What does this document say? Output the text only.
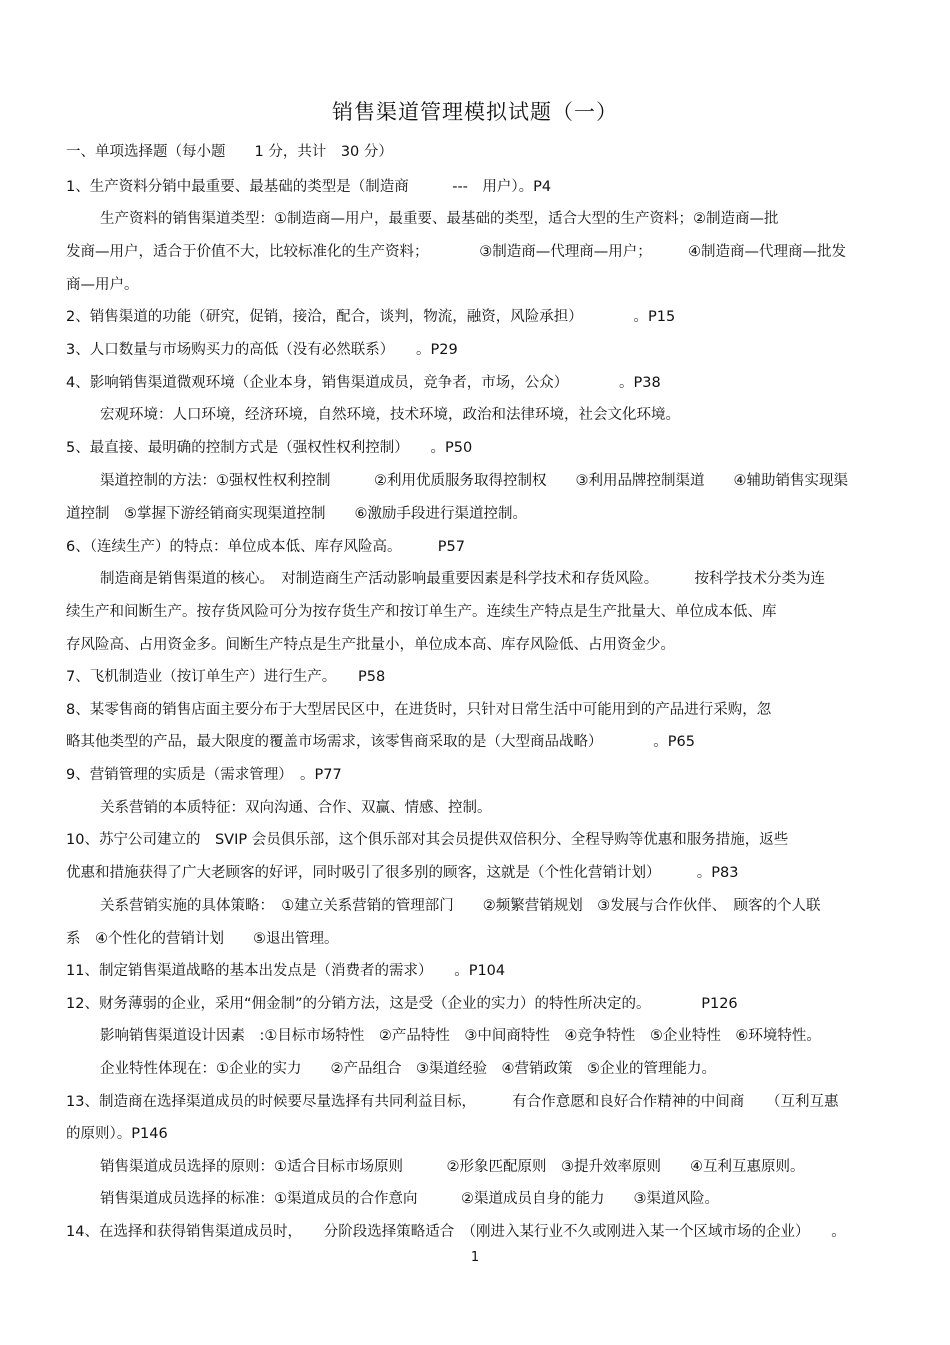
销售渠道管理模拟试题（一）
一、单项选择题（每小题　　1 分，共计　30 分）
1、生产资料分销中最重要、最基础的类型是（制造商　　　---　用户）。P4
生产资料的销售渠道类型：①制造商—用户，最重要、最基础的类型，适合大型的生产资料；②制造商—批
发商—用户，适合于价值不大，比较标准化的生产资料；　　　　③制造商—代理商—用户；　　　④制造商—代理商—批发
商—用户。
2、销售渠道的功能（研究，促销，接洽，配合，谈判，物流，融资，风险承担）　　　　。P15
3、人口数量与市场购买力的高低（没有必然联系）　　。P29
4、影响销售渠道微观环境（企业本身，销售渠道成员，竞争者，市场，公众）　　　　。P38
宏观环境：人口环境，经济环境，自然环境，技术环境，政治和法律环境，社会文化环境。
5、最直接、最明确的控制方式是（强权性权利控制）　　。P50
渠道控制的方法：①强权性权利控制　　　②利用优质服务取得控制权　　③利用品牌控制渠道　　④辅助销售实现渠
道控制　⑤掌握下游经销商实现渠道控制　　⑥激励手段进行渠道控制。
6、（连续生产）的特点：单位成本低、库存风险高。　　　P57
制造商是销售渠道的核心。　对制造商生产活动影响最重要因素是科学技术和存货风险。　　　按科学技术分类为连
续生产和间断生产。按存货风险可分为按存货生产和按订单生产。连续生产特点是生产批量大、单位成本低、库
存风险高、占用资金多。间断生产特点是生产批量小，单位成本高、库存风险低、占用资金少。
7、飞机制造业（按订单生产）进行生产。　　P58
8、某零售商的销售店面主要分布于大型居民区中，在进货时，只针对日常生活中可能用到的产品进行采购，忽
略其他类型的产品，最大限度的覆盖市场需求，该零售商采取的是（大型商品战略）　　　　。P65
9、营销管理的实质是（需求管理）　。P77
关系营销的本质特征：双向沟通、合作、双赢、情感、控制。
10、苏宁公司建立的　SVIP 会员俱乐部，这个俱乐部对其会员提供双倍积分、全程导购等优惠和服务措施，返些
优惠和措施获得了广大老顾客的好评，同时吸引了很多别的顾客，这就是（个性化营销计划）　　　。P83
关系营销实施的具体策略：　①建立关系营销的管理部门　　②频繁营销规划　③发展与合作伙伴、　顾客的个人联
系　④个性化的营销计划　　⑤退出管理。
11、制定销售渠道战略的基本出发点是（消费者的需求）　　。P104
12、财务薄弱的企业，采用“佣金制”的分销方法，这是受（企业的实力）的特性所决定的。　　　　P126
影响销售渠道设计因素　:①目标市场特性　②产品特性　③中间商特性　④竞争特性　⑤企业特性　⑥环境特性。
企业特性体现在：①企业的实力　　②产品组合　③渠道经验　④营销政策　⑤企业的管理能力。
13、制造商在选择渠道成员的时候要尽量选择有共同利益目标，　　　有合作意愿和良好合作精神的中间商　　（互利互惠
的原则）。P146
销售渠道成员选择的原则：①适合目标市场原则　　　②形象匹配原则　③提升效率原则　　④互利互惠原则。
销售渠道成员选择的标准：①渠道成员的合作意向　　　②渠道成员自身的能力　　③渠道风险。
14、在选择和获得销售渠道成员时，　　分阶段选择策略适合　（刚进入某行业不久或刚进入某一个区域市场的企业）　　。
1
